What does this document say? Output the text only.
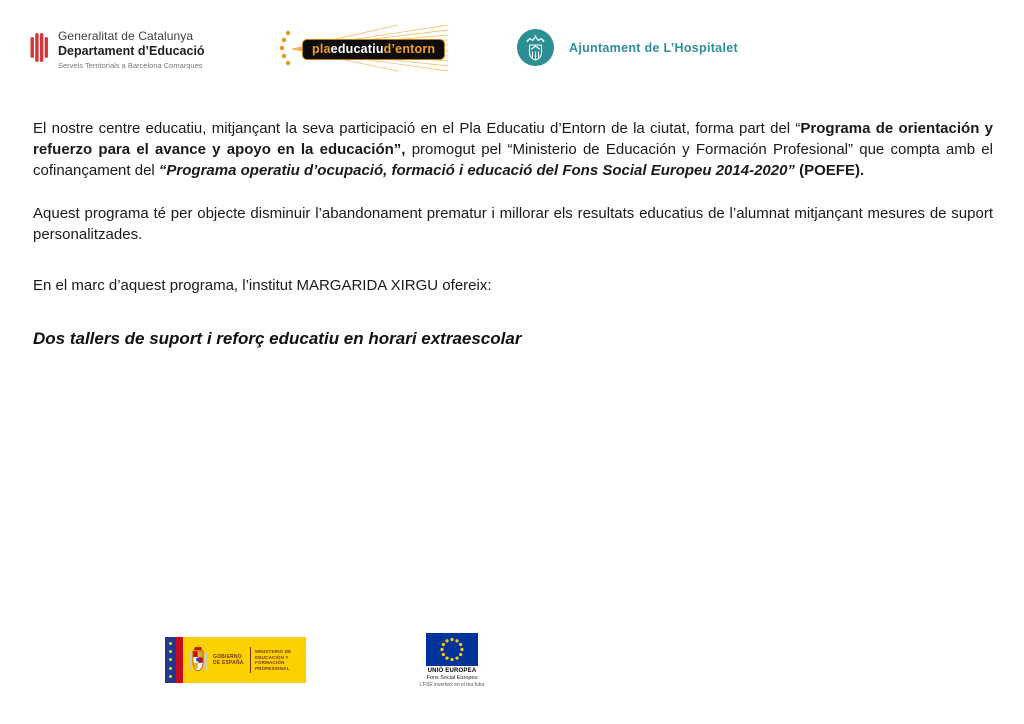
Generalitat de Catalunya
Departament d’Educació
Serveis Territorials a Barcelona Comarques
plaeducatiud’entorn	Ajuntament de L’Hospitalet

El nostre centre educatiu, mitjançant la seva participació en el Pla Educatiu d’Entorn de la ciutat, forma part del “Programa de orientación y refuerzo para el avance y apoyo en la educación”, promogut pel “Ministerio de Educación y Formación Profesional” que compta amb el cofinançament del “Programa operatiu d’ocupació, formació i educació del Fons Social Europeu 2014-2020” (POEFE).

Aquest programa té per objecte disminuir l’abandonament prematur i millorar els resultats educatius de l’alumnat mitjançant mesures de suport personalitzades.

En el marc d’aquest programa, l’institut MARGARIDA XIRGU ofereix:

Dos tallers de suport i reforç educatiu en horari extraescolar
GOBIERNO DE ESPAÑA
MINISTERIO DE EDUCACIÓN Y FORMACIÓN PROFESIONAL	UNIÓ EUROPEA
Fons Social Europeu
L’FSE inverteix en el teu futur
